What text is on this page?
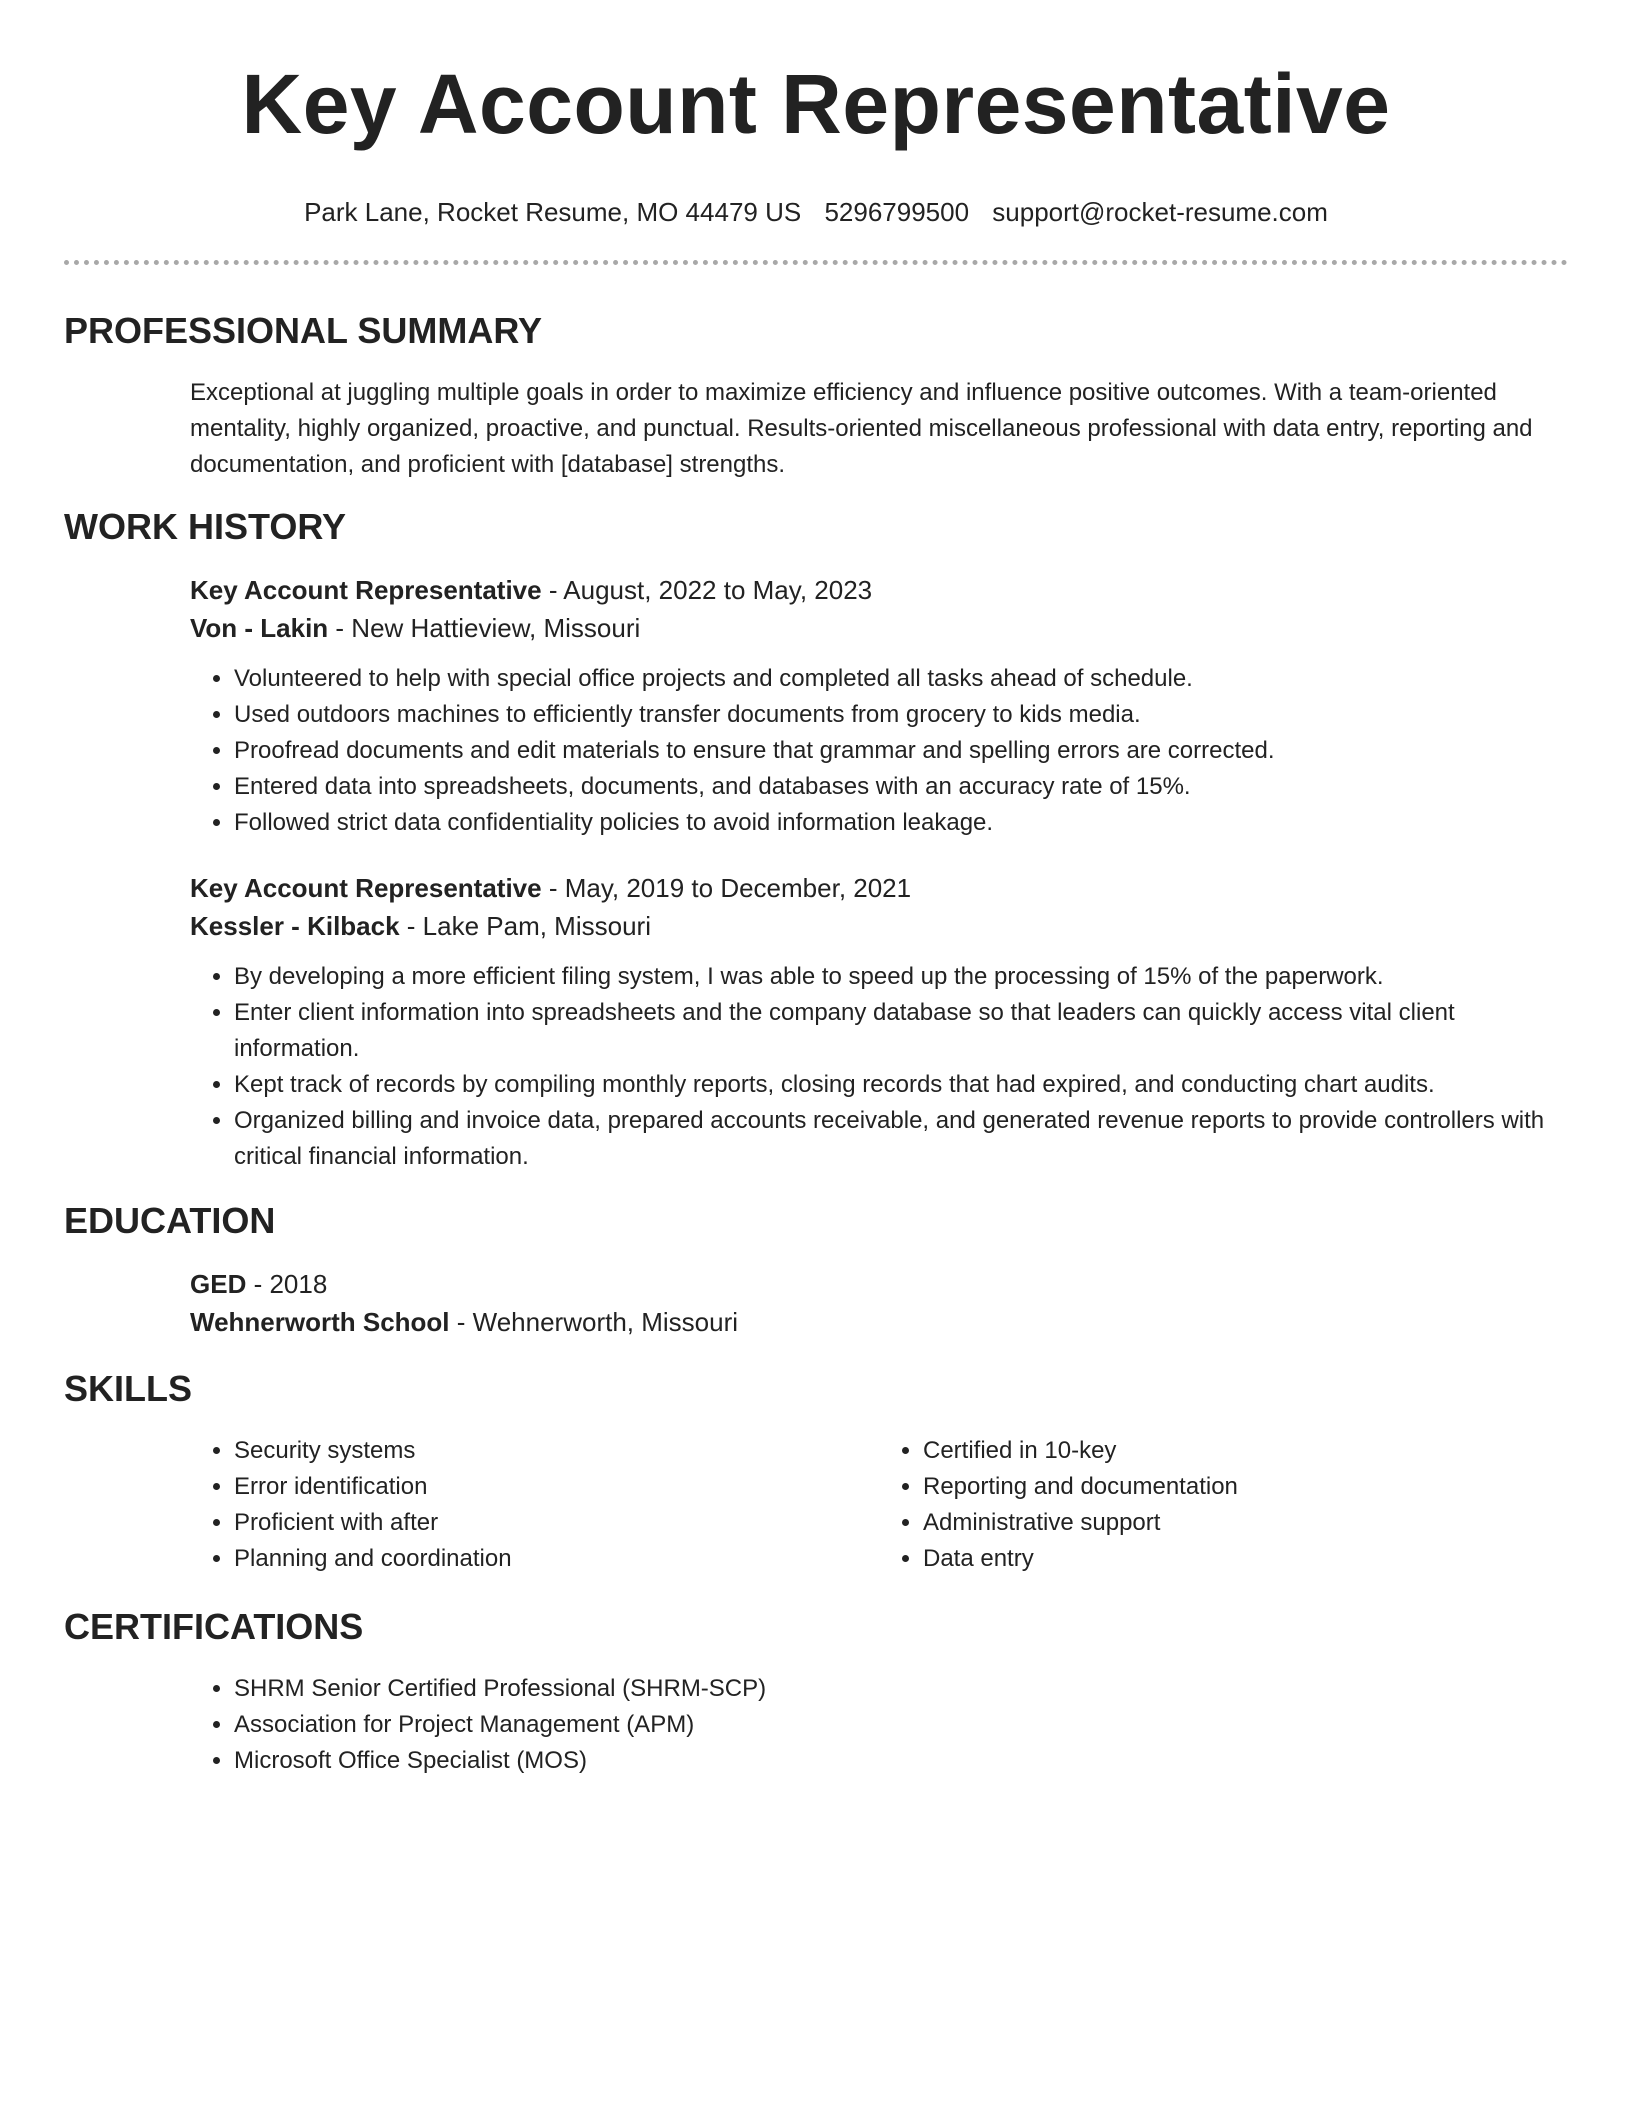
Key Account Representative
Park Lane, Rocket Resume, MO 44479 US 5296799500 support@rocket-resume.com
PROFESSIONAL SUMMARY
Exceptional at juggling multiple goals in order to maximize efficiency and influence positive outcomes. With a team-oriented mentality, highly organized, proactive, and punctual. Results-oriented miscellaneous professional with data entry, reporting and documentation, and proficient with [database] strengths.
WORK HISTORY
Key Account Representative - August, 2022 to May, 2023
Von - Lakin - New Hattieview, Missouri
• Volunteered to help with special office projects and completed all tasks ahead of schedule.
• Used outdoors machines to efficiently transfer documents from grocery to kids media.
• Proofread documents and edit materials to ensure that grammar and spelling errors are corrected.
• Entered data into spreadsheets, documents, and databases with an accuracy rate of 15%.
• Followed strict data confidentiality policies to avoid information leakage.
Key Account Representative - May, 2019 to December, 2021
Kessler - Kilback - Lake Pam, Missouri
• By developing a more efficient filing system, I was able to speed up the processing of 15% of the paperwork.
• Enter client information into spreadsheets and the company database so that leaders can quickly access vital client information.
• Kept track of records by compiling monthly reports, closing records that had expired, and conducting chart audits.
• Organized billing and invoice data, prepared accounts receivable, and generated revenue reports to provide controllers with critical financial information.
EDUCATION
GED - 2018
Wehnerworth School - Wehnerworth, Missouri
SKILLS
• Security systems
• Error identification
• Proficient with after
• Planning and coordination
• Certified in 10-key
• Reporting and documentation
• Administrative support
• Data entry
CERTIFICATIONS
• SHRM Senior Certified Professional (SHRM-SCP)
• Association for Project Management (APM)
• Microsoft Office Specialist (MOS)
